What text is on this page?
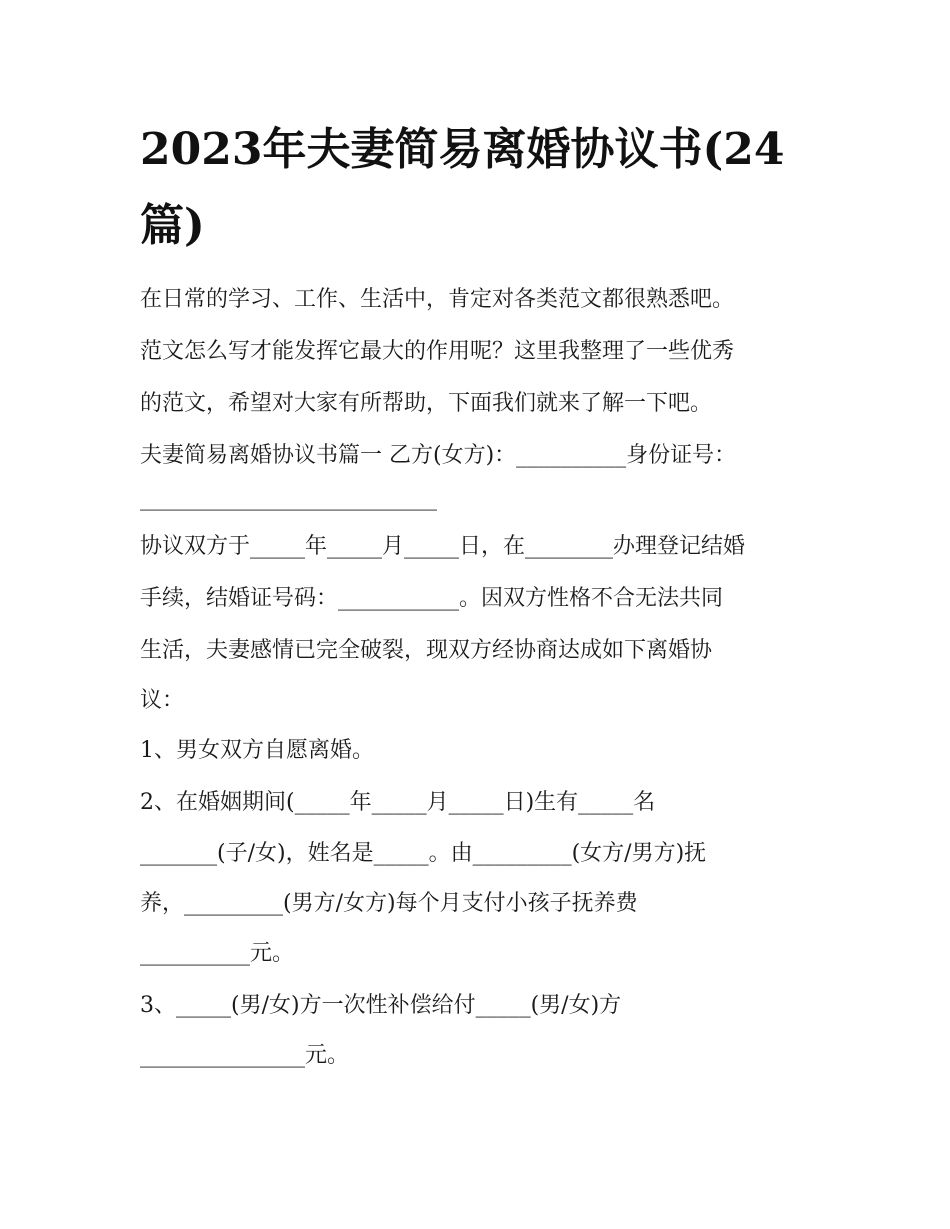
2023年夫妻简易离婚协议书(24篇)

在日常的学习、工作、生活中，肯定对各类范文都很熟悉吧。

范文怎么写才能发挥它最大的作用呢？这里我整理了一些优秀

的范文，希望对大家有所帮助，下面我们就来了解一下吧。

夫妻简易离婚协议书篇一 乙方(女方)：__________身份证号：

___________________________

协议双方于_____年_____月_____日，在________办理登记结婚

手续，结婚证号码：___________。因双方性格不合无法共同

生活，夫妻感情已完全破裂，现双方经协商达成如下离婚协

议：

1、男女双方自愿离婚。

2、在婚姻期间(_____年_____月_____日)生有_____名

_______(子/女)，姓名是_____。由_________(女方/男方)抚

养，_________(男方/女方)每个月支付小孩子抚养费

__________元。

3、_____(男/女)方一次性补偿给付_____(男/女)方

_______________元。
